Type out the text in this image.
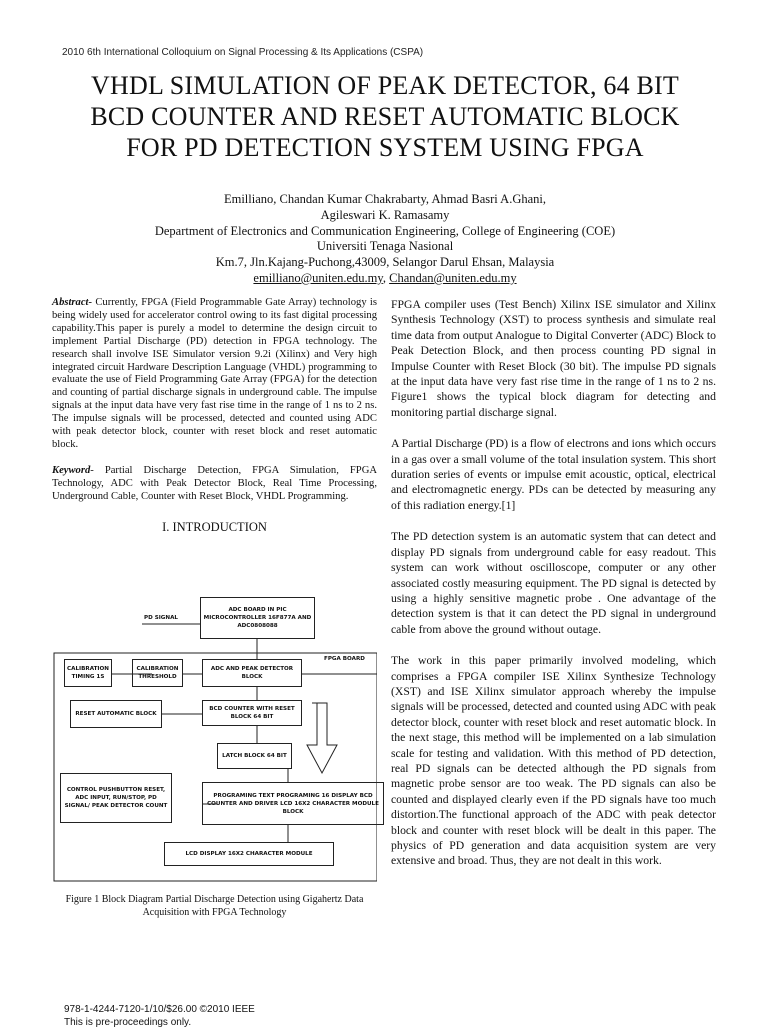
2010 6th International Colloquium on Signal Processing & Its Applications (CSPA)
VHDL SIMULATION OF PEAK DETECTOR, 64 BIT
BCD COUNTER AND RESET AUTOMATIC BLOCK
FOR PD DETECTION SYSTEM USING FPGA
Emilliano, Chandan Kumar Chakrabarty, Ahmad Basri A.Ghani,
Agileswari K. Ramasamy
Department of Electronics and Communication Engineering, College of Engineering (COE)
Universiti Tenaga Nasional
Km.7, Jln.Kajang-Puchong,43009, Selangor Darul Ehsan, Malaysia
emilliano@uniten.edu.my, Chandan@uniten.edu.my

Abstract- Currently, FPGA (Field Programmable Gate Array) technology is being widely used for accelerator control owing to its fast digital processing capability.This paper is purely a model to determine the design circuit to implement Partial Discharge (PD) detection in FPGA technology. The research shall involve ISE Simulator version 9.2i (Xilinx) and Very high integrated circuit Hardware Description Language (VHDL) programming to evaluate the use of Field Programming Gate Array (FPGA) for the detection and counting of partial discharge signals in underground cable. The impulse signals at the input data have very fast rise time in the range of 1 ns to 2 ns. The impulse signals will be processed, detected and counted using ADC with peak detector block, counter with reset block and reset automatic block.

Keyword- Partial Discharge Detection, FPGA Simulation, FPGA Technology, ADC with Peak Detector Block, Real Time Processing, Underground Cable, Counter with Reset Block, VHDL Programming.

I. INTRODUCTION
ADC BOARD IN PIC MICROCONTROLLER 16F877A AND ADC0808088
PD SIGNAL
FPGA BOARD
CALIBRATION TIMING 1S
CALIBRATION THRESHOLD
ADC AND PEAK DETECTOR BLOCK
RESET AUTOMATIC BLOCK
BCD COUNTER WITH RESET BLOCK 64 BIT
LATCH BLOCK 64 BIT
CONTROL PUSHBUTTON RESET, ADC INPUT, RUN/STOP, PD SIGNAL/ PEAK DETECTOR COUNT
PROGRAMING TEXT PROGRAMING 16 DISPLAY BCD COUNTER AND DRIVER LCD 16X2 CHARACTER MODULE BLOCK
LCD DISPLAY 16X2 CHARACTER MODULE
Figure 1 Block Diagram Partial Discharge Detection using Gigahertz Data Acquisition with FPGA Technology

FPGA compiler uses (Test Bench) Xilinx ISE simulator and Xilinx Synthesis Technology (XST) to process synthesis and simulate real time data from output Analogue to Digital Converter (ADC) Block to Peak Detection Block, and then process counting PD signal in Impulse Counter with Reset Block (30 bit). The impulse PD signals at the input data have very fast rise time in the range of 1 ns to 2 ns. Figure1 shows the typical block diagram for detecting and monitoring partial discharge signal.

A Partial Discharge (PD) is a flow of electrons and ions which occurs in a gas over a small volume of the total insulation system. This short duration series of events or impulse emit acoustic, optical, electrical and electromagnetic energy. PDs can be detected by measuring any of this radiation energy.[1]

The PD detection system is an automatic system that can detect and display PD signals from underground cable for easy readout. This system can work without oscilloscope, computer or any other associated costly measuring equipment. The PD signal is detected by using a highly sensitive magnetic probe . One advantage of the detection system is that it can detect the PD signal in underground cable from above the ground without outage.

The work in this paper primarily involved modeling, which comprises a FPGA compiler ISE Xilinx Synthesize Technology (XST) and ISE Xilinx simulator approach whereby the impulse signals will be processed, detected and counted using ADC with peak detector block, counter with reset block and reset automatic block. In the next stage, this method will be implemented on a lab simulation scale for testing and validation. With this method of PD detection, real PD signals can be detected although the PD signals from magnetic probe sensor are too weak. The PD signals can also be counted and displayed clearly even if the PD signals have too much distortion.The functional approach of the ADC with peak detector block and counter with reset block will be dealt in this paper. The physics of PD generation and data acquisition system are very extensive and broad. Thus, they are not dealt in this work.

978-1-4244-7120-1/10/$26.00 ©2010 IEEE
This is pre-proceedings only.
